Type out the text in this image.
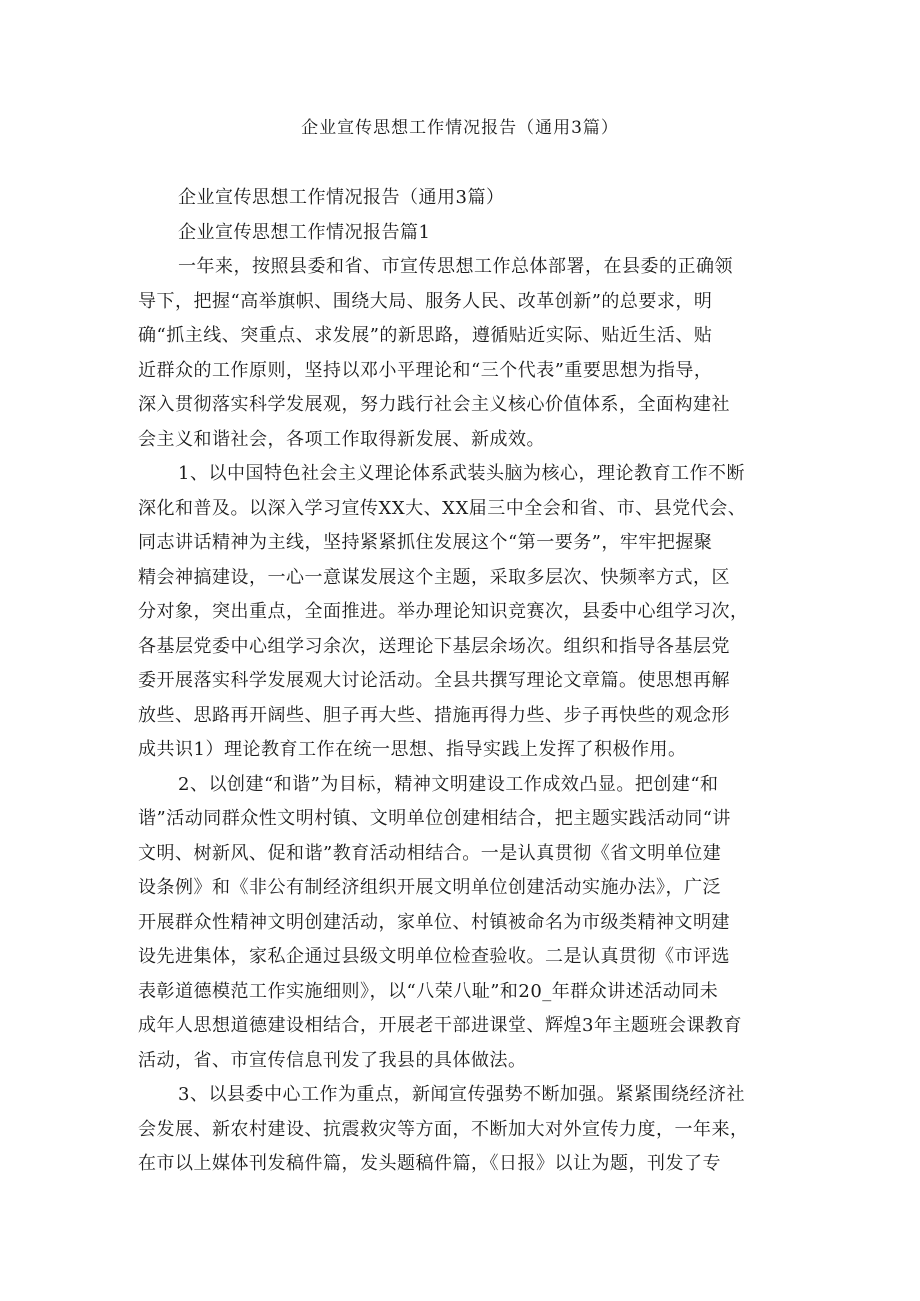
企业宣传思想工作情况报告（通用3篇）

企业宣传思想工作情况报告（通用3篇）

企业宣传思想工作情况报告篇1

一年来，按照县委和省、市宣传思想工作总体部署，在县委的正确领

导下，把握“高举旗帜、围绕大局、服务人民、改革创新”的总要求，明

确“抓主线、突重点、求发展”的新思路，遵循贴近实际、贴近生活、贴

近群众的工作原则，坚持以邓小平理论和“三个代表”重要思想为指导，

深入贯彻落实科学发展观，努力践行社会主义核心价值体系，全面构建社

会主义和谐社会，各项工作取得新发展、新成效。

1、以中国特色社会主义理论体系武装头脑为核心，理论教育工作不断

深化和普及。以深入学习宣传XX大、XX届三中全会和省、市、县党代会、

同志讲话精神为主线，坚持紧紧抓住发展这个“第一要务”，牢牢把握聚

精会神搞建设，一心一意谋发展这个主题，采取多层次、快频率方式，区

分对象，突出重点，全面推进。举办理论知识竞赛次，县委中心组学习次，

各基层党委中心组学习余次，送理论下基层余场次。组织和指导各基层党

委开展落实科学发展观大讨论活动。全县共撰写理论文章篇。使思想再解

放些、思路再开阔些、胆子再大些、措施再得力些、步子再快些的观念形

成共识1）理论教育工作在统一思想、指导实践上发挥了积极作用。

2、以创建“和谐”为目标，精神文明建设工作成效凸显。把创建“和

谐”活动同群众性文明村镇、文明单位创建相结合，把主题实践活动同“讲

文明、树新风、促和谐”教育活动相结合。一是认真贯彻《省文明单位建

设条例》和《非公有制经济组织开展文明单位创建活动实施办法》，广泛

开展群众性精神文明创建活动，家单位、村镇被命名为市级类精神文明建

设先进集体，家私企通过县级文明单位检查验收。二是认真贯彻《市评选

表彰道德模范工作实施细则》，以“八荣八耻”和20_年群众讲述活动同未

成年人思想道德建设相结合，开展老干部进课堂、辉煌3年主题班会课教育

活动，省、市宣传信息刊发了我县的具体做法。

3、以县委中心工作为重点，新闻宣传强势不断加强。紧紧围绕经济社

会发展、新农村建设、抗震救灾等方面，不断加大对外宣传力度，一年来，

在市以上媒体刊发稿件篇，发头题稿件篇，《日报》以让为题，刊发了专
